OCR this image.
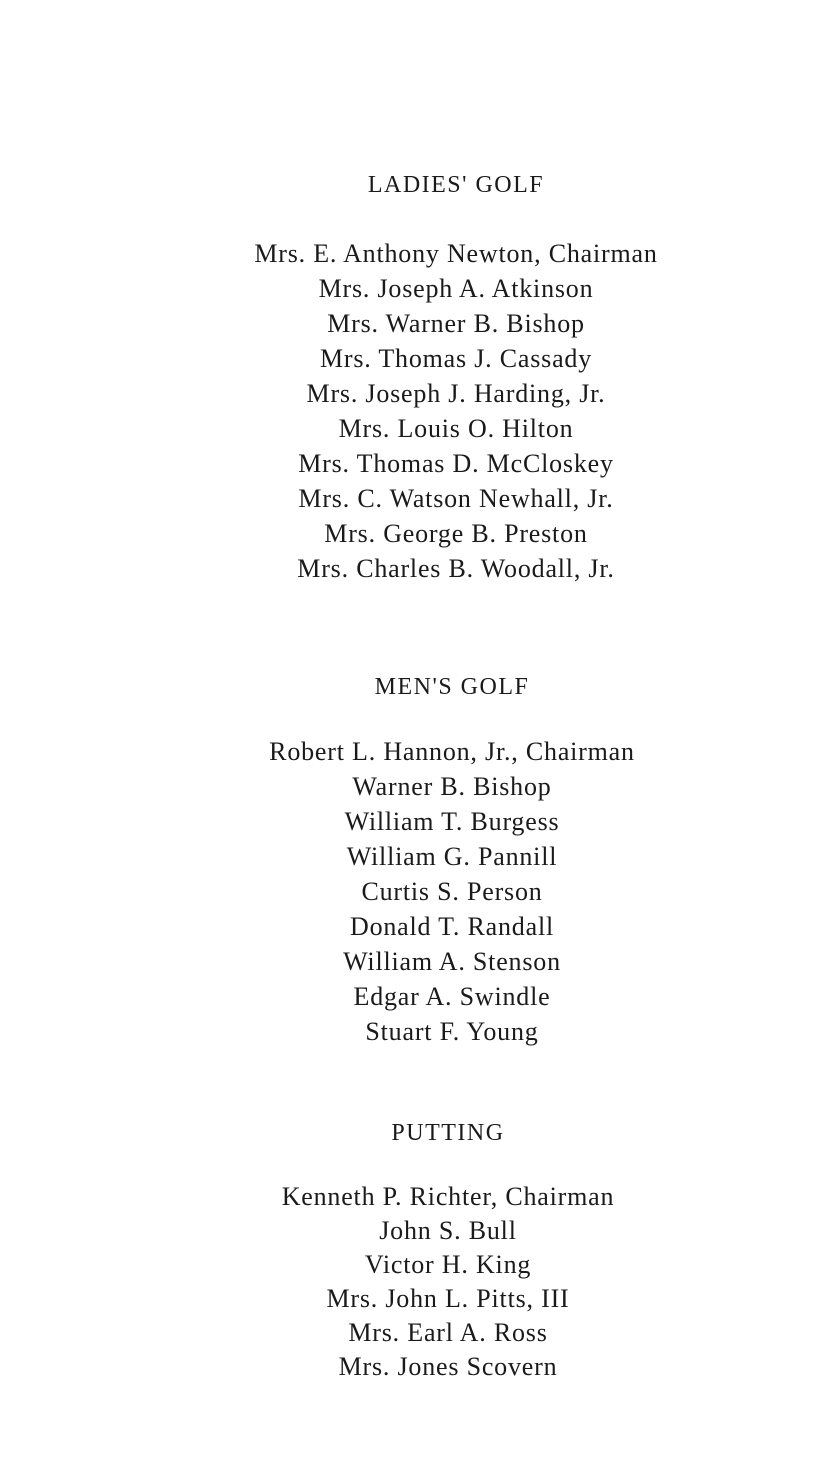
LADIES' GOLF
Mrs. E. Anthony Newton, Chairman
Mrs. Joseph A. Atkinson
Mrs. Warner B. Bishop
Mrs. Thomas J. Cassady
Mrs. Joseph J. Harding, Jr.
Mrs. Louis O. Hilton
Mrs. Thomas D. McCloskey
Mrs. C. Watson Newhall, Jr.
Mrs. George B. Preston
Mrs. Charles B. Woodall, Jr.
MEN'S GOLF
Robert L. Hannon, Jr., Chairman
Warner B. Bishop
William T. Burgess
William G. Pannill
Curtis S. Person
Donald T. Randall
William A. Stenson
Edgar A. Swindle
Stuart F. Young
PUTTING
Kenneth P. Richter, Chairman
John S. Bull
Victor H. King
Mrs. John L. Pitts, III
Mrs. Earl A. Ross
Mrs. Jones Scovern
